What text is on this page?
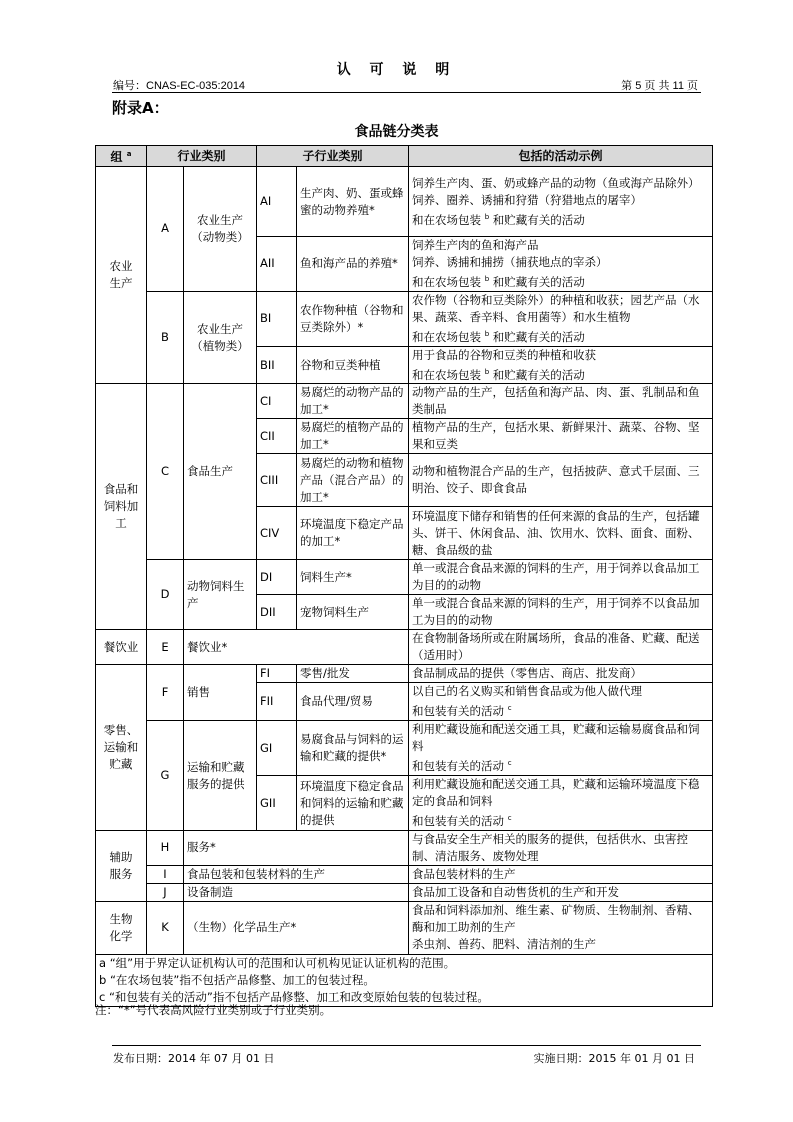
认 可 说 明
编号：CNAS-EC-035:2014	第 5 页 共 11 页
附录A：
食品链分类表
组 $^a$	行业类别		子行业类别		包括的活动示例
农业生产	A	农业生产（动物类）	AI	生产肉、奶、蛋或蜂蜜的动物养殖*	饲养生产肉、蛋、奶或蜂产品的动物（鱼或海产品除外）
饲养、圈养、诱捕和狩猎（狩猎地点的屠宰）
和在农场包装 $^b$ 和贮藏有关的活动

			AII	鱼和海产品的养殖*	饲养生产肉的鱼和海产品
饲养、诱捕和捕捞（捕获地点的宰杀）
和在农场包装 $^b$ 和贮藏有关的活动

	B	农业生产（植物类）	BI	农作物种植（谷物和豆类除外）*	农作物（谷物和豆类除外）的种植和收获；园艺产品（水果、蔬菜、香辛料、食用菌等）和水生植物
和在农场包装 $^b$ 和贮藏有关的活动

			BII	谷物和豆类种植	用于食品的谷物和豆类的种植和收获
和在农场包装 $^b$ 和贮藏有关的活动

食品和饲料加工	C	食品生产	CI	易腐烂的动物产品的加工*	动物产品的生产，包括鱼和海产品、肉、蛋、乳制品和鱼类制品
			CII	易腐烂的植物产品的加工*	植物产品的生产，包括水果、新鲜果汁、蔬菜、谷物、坚果和豆类
			CIII	易腐烂的动物和植物产品（混合产品）的加工*	动物和植物混合产品的生产，包括披萨、意式千层面、三明治、饺子、即食食品
			CIV	环境温度下稳定产品的加工*	环境温度下储存和销售的任何来源的食品的生产，包括罐头、饼干、休闲食品、油、饮用水、饮料、面食、面粉、糖、食品级的盐
	D	动物饲料生产	DI	饲料生产*	单一或混合食品来源的饲料的生产，用于饲养以食品加工为目的的动物
			DII	宠物饲料生产	单一或混合食品来源的饲料的生产，用于饲养不以食品加工为目的的动物
餐饮业	E	餐饮业*			在食物制备场所或在附属场所，食品的准备、贮藏、配送（适用时）
零售、运输和贮藏	F	销售	FI	零售/批发	食品制成品的提供（零售店、商店、批发商）
			FII	食品代理/贸易	以自己的名义购买和销售食品或为他人做代理
和包装有关的活动 $^c$

	G	运输和贮藏服务的提供	GI	易腐食品与饲料的运输和贮藏的提供*	利用贮藏设施和配送交通工具，贮藏和运输易腐食品和饲料
和包装有关的活动 $^c$

			GII	环境温度下稳定食品和饲料的运输和贮藏的提供	利用贮藏设施和配送交通工具，贮藏和运输环境温度下稳定的食品和饲料
和包装有关的活动 $^c$

辅助服务	H	服务*			与食品安全生产相关的服务的提供，包括供水、虫害控制、清洁服务、废物处理
	I	食品包装和包装材料的生产			食品包装材料的生产
	J	设备制造			食品加工设备和自动售货机的生产和开发
生物化学	K	（生物）化学品生产*			食品和饲料添加剂、维生素、矿物质、生物制剂、香精、酶和加工助剂的生产
杀虫剂、兽药、肥料、清洁剂的生产

a “组”用于界定认证机构认可的范围和认可机构见证认证机构的范围。
b “在农场包装”指不包括产品修整、加工的包装过程。
c “和包装有关的活动”指不包括产品修整、加工和改变原始包装的包装过程。					
注：“*”号代表高风险行业类别或子行业类别。
发布日期：2014 年 07 月 01 日	实施日期：2015 年 01 月 01 日
